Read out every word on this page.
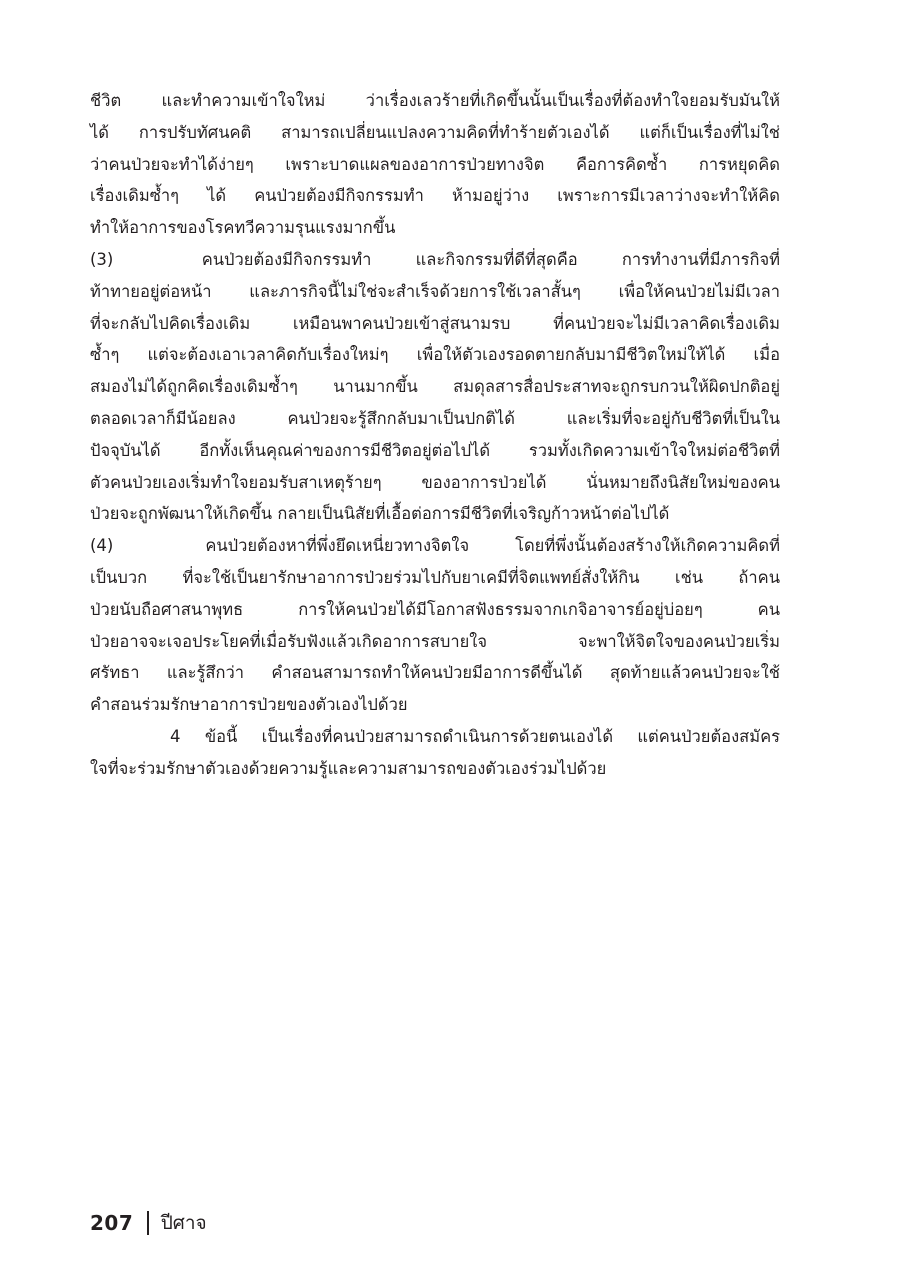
ชีวิต และทำความเข้าใจใหม่ ว่าเรื่องเลวร้ายที่เกิดขึ้นนั้นเป็นเรื่องที่ต้องทำใจยอมรับมันให้
ได้ การปรับทัศนคติ สามารถเปลี่ยนแปลงความคิดที่ทำร้ายตัวเองได้ แต่ก็เป็นเรื่องที่ไม่ใช่
ว่าคนป่วยจะทำได้ง่ายๆ เพราะบาดแผลของอาการป่วยทางจิต คือการคิดซ้ำ การหยุดคิด
เรื่องเดิมซ้ำๆ ได้ คนป่วยต้องมีกิจกรรมทำ ห้ามอยู่ว่าง เพราะการมีเวลาว่างจะทำให้คิด
ทำให้อาการของโรคทวีความรุนแรงมากขึ้น
(3)          คนป่วยต้องมีกิจกรรมทำ     และกิจกรรมที่ดีที่สุดคือ     การทำงานที่มีภารกิจที่
ท้าทายอยู่ต่อหน้า และภารกิจนี้ไม่ใช่จะสำเร็จด้วยการใช้เวลาสั้นๆ เพื่อให้คนป่วยไม่มีเวลา
ที่จะกลับไปคิดเรื่องเดิม เหมือนพาคนป่วยเข้าสู่สนามรบ ที่คนป่วยจะไม่มีเวลาคิดเรื่องเดิม
ซ้ำๆ แต่จะต้องเอาเวลาคิดกับเรื่องใหม่ๆ เพื่อให้ตัวเองรอดตายกลับมามีชีวิตใหม่ให้ได้ เมื่อ
สมองไม่ได้ถูกคิดเรื่องเดิมซ้ำๆ นานมากขึ้น สมดุลสารสื่อประสาทจะถูกรบกวนให้ผิดปกติอยู่
ตลอดเวลาก็มีน้อยลง คนป่วยจะรู้สึกกลับมาเป็นปกติได้ และเริ่มที่จะอยู่กับชีวิตที่เป็นใน
ปัจจุบันได้ อีกทั้งเห็นคุณค่าของการมีชีวิตอยู่ต่อไปได้ รวมทั้งเกิดความเข้าใจใหม่ต่อชีวิตที่
ตัวคนป่วยเองเริ่มทำใจยอมรับสาเหตุร้ายๆ ของอาการป่วยได้ นั่นหมายถึงนิสัยใหม่ของคน
ป่วยจะถูกพัฒนาให้เกิดขึ้น กลายเป็นนิสัยที่เอื้อต่อการมีชีวิตที่เจริญก้าวหน้าต่อไปได้
(4)          คนป่วยต้องหาที่พึ่งยึดเหนี่ยวทางจิตใจ     โดยที่พึ่งนั้นต้องสร้างให้เกิดความคิดที่
เป็นบวก ที่จะใช้เป็นยารักษาอาการป่วยร่วมไปกับยาเคมีที่จิตแพทย์สั่งให้กิน เช่น ถ้าคน
ป่วยนับถือศาสนาพุทธ การให้คนป่วยได้มีโอกาสฟังธรรมจากเกจิอาจารย์อยู่บ่อยๆ คน
ป่วยอาจจะเจอประโยคที่เมื่อรับฟังแล้วเกิดอาการสบายใจ จะพาให้จิตใจของคนป่วยเริ่ม
ศรัทธา และรู้สึกว่า คำสอนสามารถทำให้คนป่วยมีอาการดีขึ้นได้ สุดท้ายแล้วคนป่วยจะใช้
คำสอนร่วมรักษาอาการป่วยของตัวเองไปด้วย
4 ข้อนี้ เป็นเรื่องที่คนป่วยสามารถดำเนินการด้วยตนเองได้ แต่คนป่วยต้องสมัคร
ใจที่จะร่วมรักษาตัวเองด้วยความรู้และความสามารถของตัวเองร่วมไปด้วย
207 ปีศาจ
